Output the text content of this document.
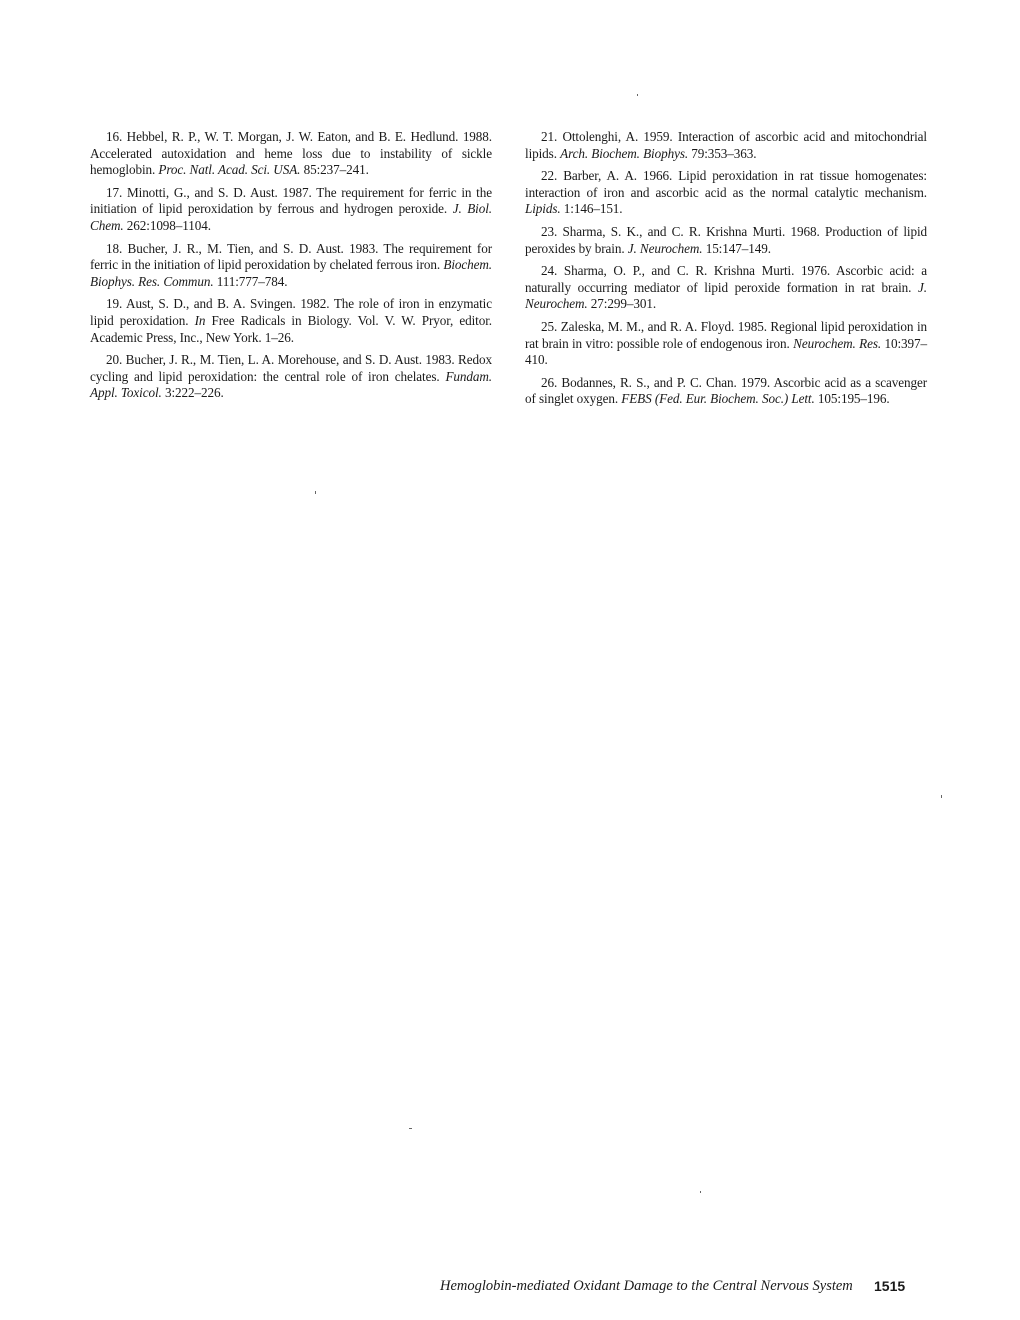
16. Hebbel, R. P., W. T. Morgan, J. W. Eaton, and B. E. Hedlund. 1988. Accelerated autoxidation and heme loss due to instability of sickle hemoglobin. Proc. Natl. Acad. Sci. USA. 85:237–241.

17. Minotti, G., and S. D. Aust. 1987. The requirement for ferric in the initiation of lipid peroxidation by ferrous and hydrogen peroxide. J. Biol. Chem. 262:1098–1104.

18. Bucher, J. R., M. Tien, and S. D. Aust. 1983. The requirement for ferric in the initiation of lipid peroxidation by chelated ferrous iron. Biochem. Biophys. Res. Commun. 111:777–784.

19. Aust, S. D., and B. A. Svingen. 1982. The role of iron in enzymatic lipid peroxidation. In Free Radicals in Biology. Vol. V. W. Pryor, editor. Academic Press, Inc., New York. 1–26.

20. Bucher, J. R., M. Tien, L. A. Morehouse, and S. D. Aust. 1983. Redox cycling and lipid peroxidation: the central role of iron chelates. Fundam. Appl. Toxicol. 3:222–226.

21. Ottolenghi, A. 1959. Interaction of ascorbic acid and mitochondrial lipids. Arch. Biochem. Biophys. 79:353–363.

22. Barber, A. A. 1966. Lipid peroxidation in rat tissue homogenates: interaction of iron and ascorbic acid as the normal catalytic mechanism. Lipids. 1:146–151.

23. Sharma, S. K., and C. R. Krishna Murti. 1968. Production of lipid peroxides by brain. J. Neurochem. 15:147–149.

24. Sharma, O. P., and C. R. Krishna Murti. 1976. Ascorbic acid: a naturally occurring mediator of lipid peroxide formation in rat brain. J. Neurochem. 27:299–301.

25. Zaleska, M. M., and R. A. Floyd. 1985. Regional lipid peroxidation in rat brain in vitro: possible role of endogenous iron. Neurochem. Res. 10:397–410.

26. Bodannes, R. S., and P. C. Chan. 1979. Ascorbic acid as a scavenger of singlet oxygen. FEBS (Fed. Eur. Biochem. Soc.) Lett. 105:195–196.

Hemoglobin-mediated Oxidant Damage to the Central Nervous System 1515
